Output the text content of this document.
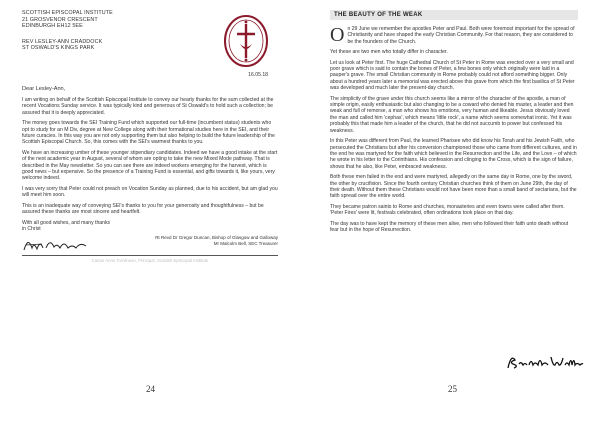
SCOTTISH EPISCOPAL INSTITUTE
21 GROSVENOR CRESCENT
EDINBURGH EH12 5EE
REV LESLEY-ANN CRADDOCK
ST OSWALD'S KINGS PARK
16.05.18
Dear Lesley-Ann,
I am writing on behalf of the Scottish Episcopal Institute to convey our hearty thanks for the sum collected at the recent Vocations Sunday service. It was typically kind and generous of St Oswald's to hold such a collection; be assured that it is deeply appreciated.
The money goes towards the SEI Training Fund which supported our full-time (incumbent status) students who opt to study for an M Div, degree at New College along with their formational studies here in the SEI, and their future curacies. In this way you are not only supporting them but also helping to build the future leadership of the Scottish Episcopal Church. So, this comes with the SEI's warmest thanks to you.
We have an increasing umber of these younger stipendiary candidates. Indeed we have a good intake at the start of the next academic year in August, several of whom are opting to take the new Mixed Mode pathway. That is described in the May newsletter. So you can see there are indeed workers emerging for the harvest, which is good news – but expensive. So the presence of a Training Fund is essential, and gifts towards it, like yours, very welcome indeed.
I was very sorry that Peter could not preach on Vocation Sunday as planned, due to his accident, but am glad you will meet him soon.
This is an inadequate way of conveying SEI's thanks to you for your generosity and thoughtfulness – but be assured these thanks are most sincere and heartfelt.
With all good wishes, and many thanks
in Christ
Rt Revd Dr Gregor Duncan, Bishop of Glasgow and Galloway
Mr Malcolm Bell, SEC Treasurer
Canon Anne Tomlinson, Principal, Scottish Episcopal Institute
24
THE BEAUTY OF THE WEAK
On 29 June we remember the apostles Peter and Paul. Both were foremost important for the spread of Christianity and have shaped the early Christian Community. For that reason, they are considered to be the founders of the Church.
Yet these are two men who totally differ in character.
Let us look at Peter first. The huge Cathedral Church of St Peter in Rome was erected over a very small and poor grave which is said to contain the bones of Peter, a few bones only which originally were laid in a pauper's grave. The small Christian community in Rome probably could not afford something bigger. Only about a hundred years later a memorial was erected above this grave from which the first basilica of St Peter was developed and much later the present-day church.
The simplicity of the grave under this church seems like a mirror of the character of the apostle, a man of simple origin, easily enthusiastic but also changing to be a coward who denied his master, a leader and then weak and full of remorse, a man who shows his emotions, very human and likeable. Jesus obviously loved the man and called him 'cephas', which means 'little rock', a name which seems somewhat ironic. Yet it was probably this that made him a leader of the church, that he did not succumb to power but confessed his weakness.
In this Peter was different from Paul, the learned Pharisee who did know his Torah and his Jewish Faith, who persecuted the Christians but after his conversion championed those who came from different cultures, and in the end he was martyred for the faith which believed in the Resurrection and the Life, and the Love – of which he wrote in his letter to the Corinthians. His confession and clinging to the Cross, which is the sign of failure, shows that he also, like Peter, embraced weakness.
Both these men failed in the end and were martyred, allegedly on the same day in Rome, one by the sword, the other by crucifixion. Since the fourth century Christian churches think of them on June 29th, the day of their death. Without them these Christians would not have been more than a small band of sectarians, but the faith spread over the entire world.
They became patron saints to Rome and churches, monasteries and even towns were called after them. 'Peter Fires' were lit, festivals celebrated, often ordinations took place on that day.
The day was to have kept the memory of these men alive, men who followed their faith unto death without fear but in the hope of Resurrection.
25
